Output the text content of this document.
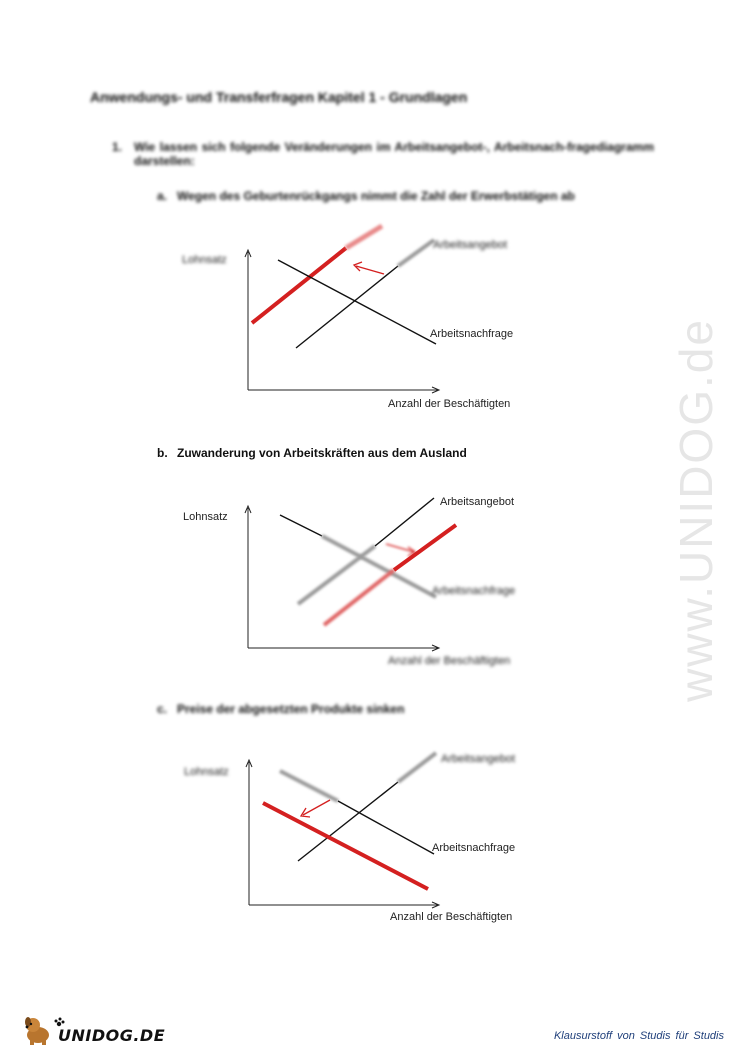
Anwendungs- und Transferfragen Kapitel 1 - Grundlagen
1. Wie lassen sich folgende Veränderungen im Arbeitsangebot-, Arbeitsnach-fragediagramm darstellen:
a. Wegen des Geburtenrückgangs nimmt die Zahl der Erwerbstätigen ab
Lohnsatz
Arbeitsangebot
Arbeitsnachfrage
Anzahl der Beschäftigten
b. Zuwanderung von Arbeitskräften aus dem Ausland
Lohnsatz
Arbeitsangebot
Arbeitsnachfrage
Anzahl der Beschäftigten
c. Preise der abgesetzten Produkte sinken
Lohnsatz
Arbeitsangebot
Arbeitsnachfrage
Anzahl der Beschäftigten
www.UNIDOG.de
UNIDOG.DE	Klausurstoff von Studis für Studis
